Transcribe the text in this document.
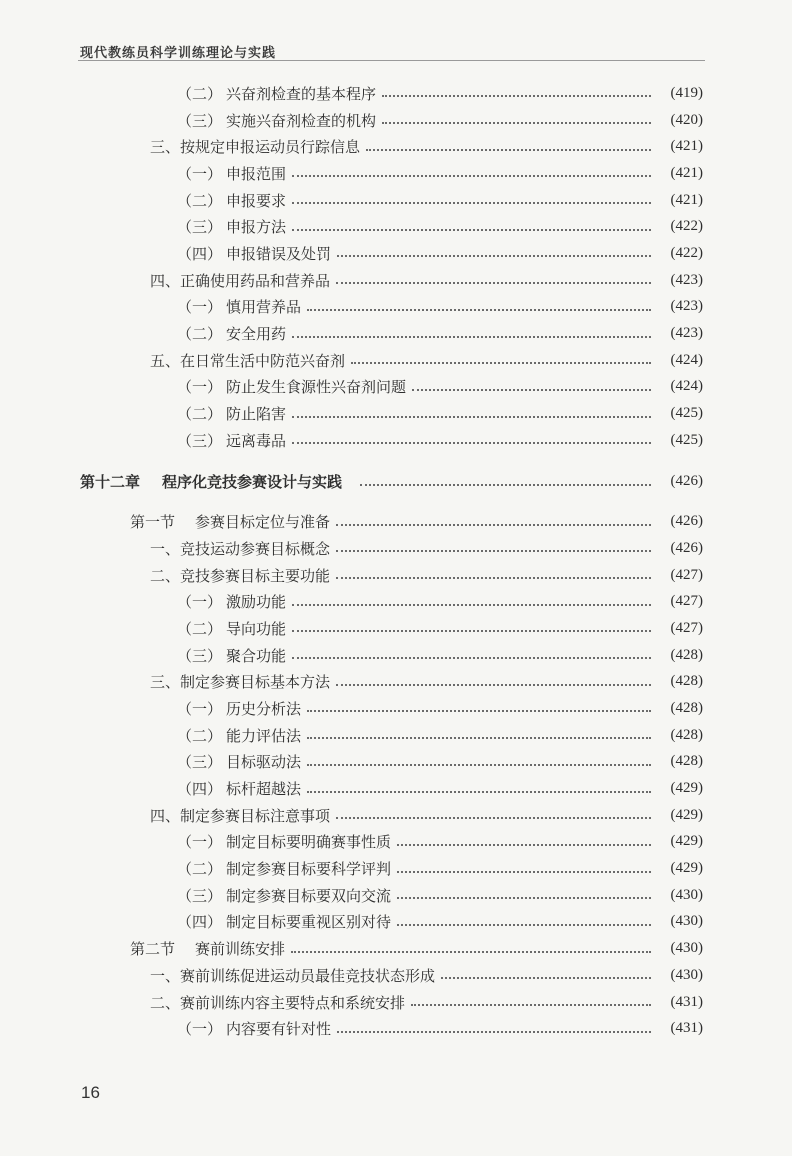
现代教练员科学训练理论与实践
（二） 兴奋剂检查的基本程序	(419)
（三） 实施兴奋剂检查的机构	(420)
三、 按规定申报运动员行踪信息	(421)
（一） 申报范围	(421)
（二） 申报要求	(421)
（三） 申报方法	(422)
（四） 申报错误及处罚	(422)
四、 正确使用药品和营养品	(423)
（一） 慎用营养品	(423)
（二） 安全用药	(423)
五、 在日常生活中防范兴奋剂	(424)
（一） 防止发生食源性兴奋剂问题	(424)
（二） 防止陷害	(425)
（三） 远离毒品	(425)
第十二章 程序化竞技参赛设计与实践	(426)
第一节 参赛目标定位与准备	(426)
一、 竞技运动参赛目标概念	(426)
二、 竞技参赛目标主要功能	(427)
（一） 激励功能	(427)
（二） 导向功能	(427)
（三） 聚合功能	(428)
三、 制定参赛目标基本方法	(428)
（一） 历史分析法	(428)
（二） 能力评估法	(428)
（三） 目标驱动法	(428)
（四） 标杆超越法	(429)
四、 制定参赛目标注意事项	(429)
（一） 制定目标要明确赛事性质	(429)
（二） 制定参赛目标要科学评判	(429)
（三） 制定参赛目标要双向交流	(430)
（四） 制定目标要重视区别对待	(430)
第二节 赛前训练安排	(430)
一、 赛前训练促进运动员最佳竞技状态形成	(430)
二、 赛前训练内容主要特点和系统安排	(431)
（一） 内容要有针对性	(431)
16
